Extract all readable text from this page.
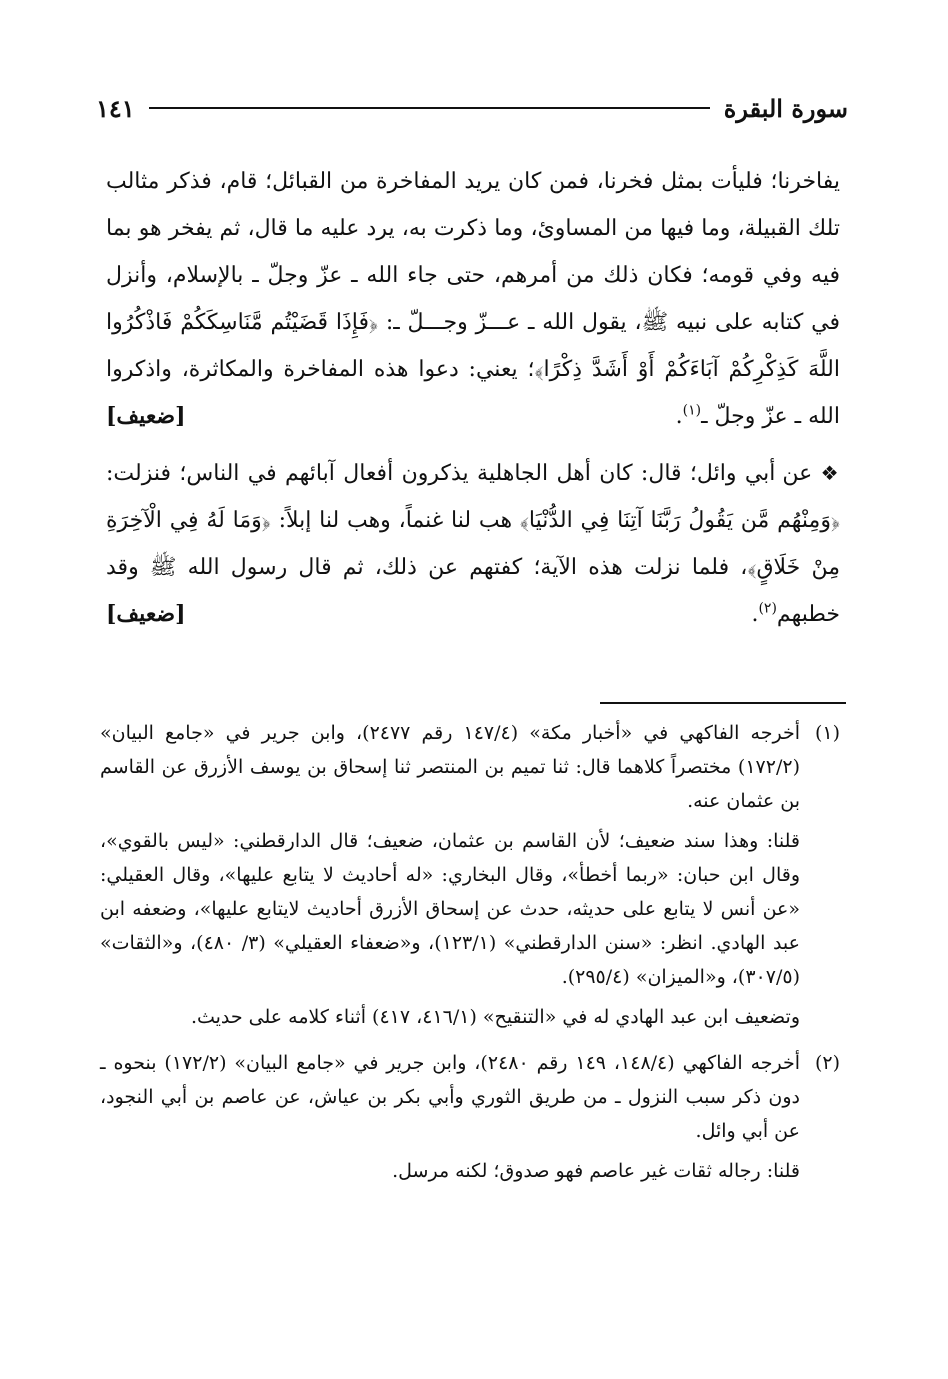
سورة البقرة
١٤١

يفاخرنا؛ فليأت بمثل فخرنا، فمن كان يريد المفاخرة من القبائل؛ قام، فذكر مثالب تلك القبيلة، وما فيها من المساوئ، وما ذكرت به، يرد عليه ما قال، ثم يفخر هو بما فيه وفي قومه؛ فكان ذلك من أمرهم، حتى جاء الله ـ عزّ وجلّ ـ بالإسلام، وأنزل في كتابه على نبيه ﷺ، يقول الله ـ عـــزّ وجـــلّ ـ: ﴿فَإِذَا قَضَيْتُم مَّنَاسِكَكُمْ فَاذْكُرُوا اللَّهَ كَذِكْرِكُمْ آبَاءَكُمْ أَوْ أَشَدَّ ذِكْرًا﴾؛ يعني: دعوا هذه المفاخرة والمكاثرة، واذكروا الله ـ عزّ وجلّ ـ$^{(١)}$.
[ضعيف]

❖ عن أبي وائل؛ قال: كان أهل الجاهلية يذكرون أفعال آبائهم في الناس؛ فنزلت: ﴿وَمِنْهُم مَّن يَقُولُ رَبَّنَا آتِنَا فِي الدُّنْيَا﴾ هب لنا غنماً، وهب لنا إبلاً: ﴿وَمَا لَهُ فِي الْآخِرَةِ مِنْ خَلَاقٍ﴾، فلما نزلت هذه الآية؛ كفتهم عن ذلك، ثم قال رسول الله ﷺ وقد خطبهم$^{(٢)}$.
[ضعيف]

(١)

أخرجه الفاكهي في «أخبار مكة» (١٤٧/٤ رقم ٢٤٧٧)، وابن جرير في «جامع البيان» (١٧٢/٢) مختصراً كلاهما قال: ثنا تميم بن المنتصر ثنا إسحاق بن يوسف الأزرق عن القاسم بن عثمان عنه.

قلنا: وهذا سند ضعيف؛ لأن القاسم بن عثمان، ضعيف؛ قال الدارقطني: «ليس بالقوي»، وقال ابن حبان: «ربما أخطأ»، وقال البخاري: «له أحاديث لا يتابع عليها»، وقال العقيلي: «عن أنس لا يتابع على حديثه، حدث عن إسحاق الأزرق أحاديث لايتابع عليها»، وضعفه ابن عبد الهادي. انظر: «سنن الدارقطني» (١٢٣/١)، و«ضعفاء العقيلي» (٣/ ٤٨٠)، و«الثقات» (٣٠٧/٥)، و«الميزان» (٢٩٥/٤).

وتضعيف ابن عبد الهادي له في «التنقيح» (٤١٦/١، ٤١٧) أثناء كلامه على حديث.

(٢)

أخرجه الفاكهي (١٤٨/٤، ١٤٩ رقم ٢٤٨٠)، وابن جرير في «جامع البيان» (١٧٢/٢) بنحوه ـ دون ذكر سبب النزول ـ من طريق الثوري وأبي بكر بن عياش، عن عاصم بن أبي النجود، عن أبي وائل.

قلنا: رجاله ثقات غير عاصم فهو صدوق؛ لكنه مرسل.
